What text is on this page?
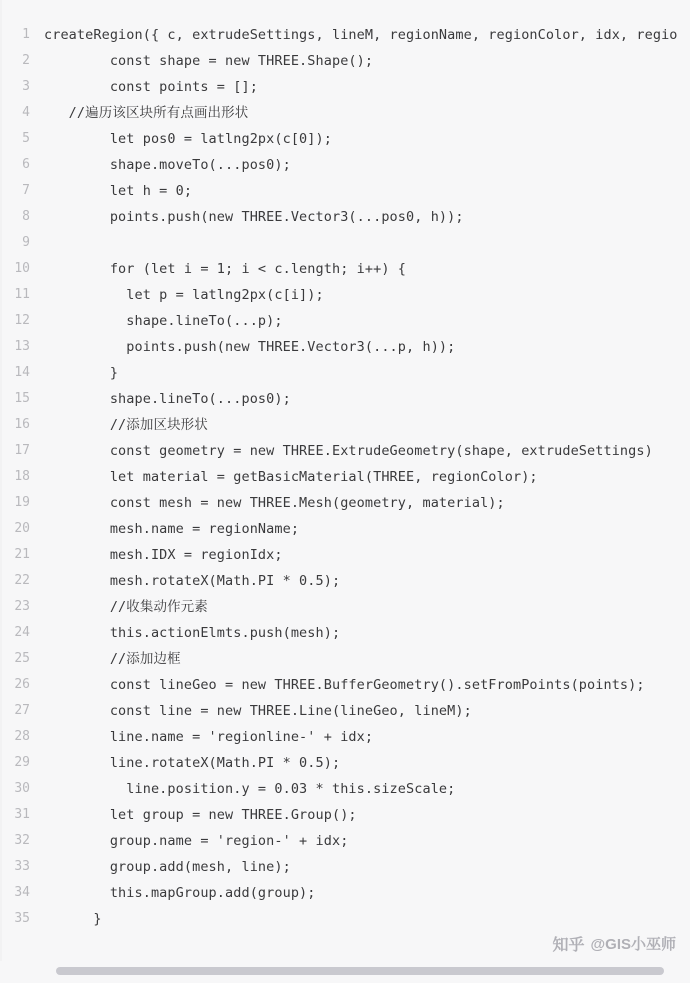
1	createRegion({ c, extrudeSettings, lineM, regionName, regionColor, idx, regio
2	const shape = new THREE.Shape();
3	const points = [];
4	//遍历该区块所有点画出形状
5	let pos0 = latlng2px(c[0]);
6	shape.moveTo(...pos0);
7	let h = 0;
8	points.push(new THREE.Vector3(...pos0, h));
9
10	for (let i = 1; i < c.length; i++) {
11	let p = latlng2px(c[i]);
12	shape.lineTo(...p);
13	points.push(new THREE.Vector3(...p, h));
14	}
15	shape.lineTo(...pos0);
16	//添加区块形状
17	const geometry = new THREE.ExtrudeGeometry(shape, extrudeSettings)
18	let material = getBasicMaterial(THREE, regionColor);
19	const mesh = new THREE.Mesh(geometry, material);
20	mesh.name = regionName;
21	mesh.IDX = regionIdx;
22	mesh.rotateX(Math.PI * 0.5);
23	//收集动作元素
24	this.actionElmts.push(mesh);
25	//添加边框
26	const lineGeo = new THREE.BufferGeometry().setFromPoints(points);
27	const line = new THREE.Line(lineGeo, lineM);
28	line.name = 'regionline-' + idx;
29	line.rotateX(Math.PI * 0.5);
30	line.position.y = 0.03 * this.sizeScale;
31	let group = new THREE.Group();
32	group.name = 'region-' + idx;
33	group.add(mesh, line);
34	this.mapGroup.add(group);
35	}
知乎 @GIS小巫师
